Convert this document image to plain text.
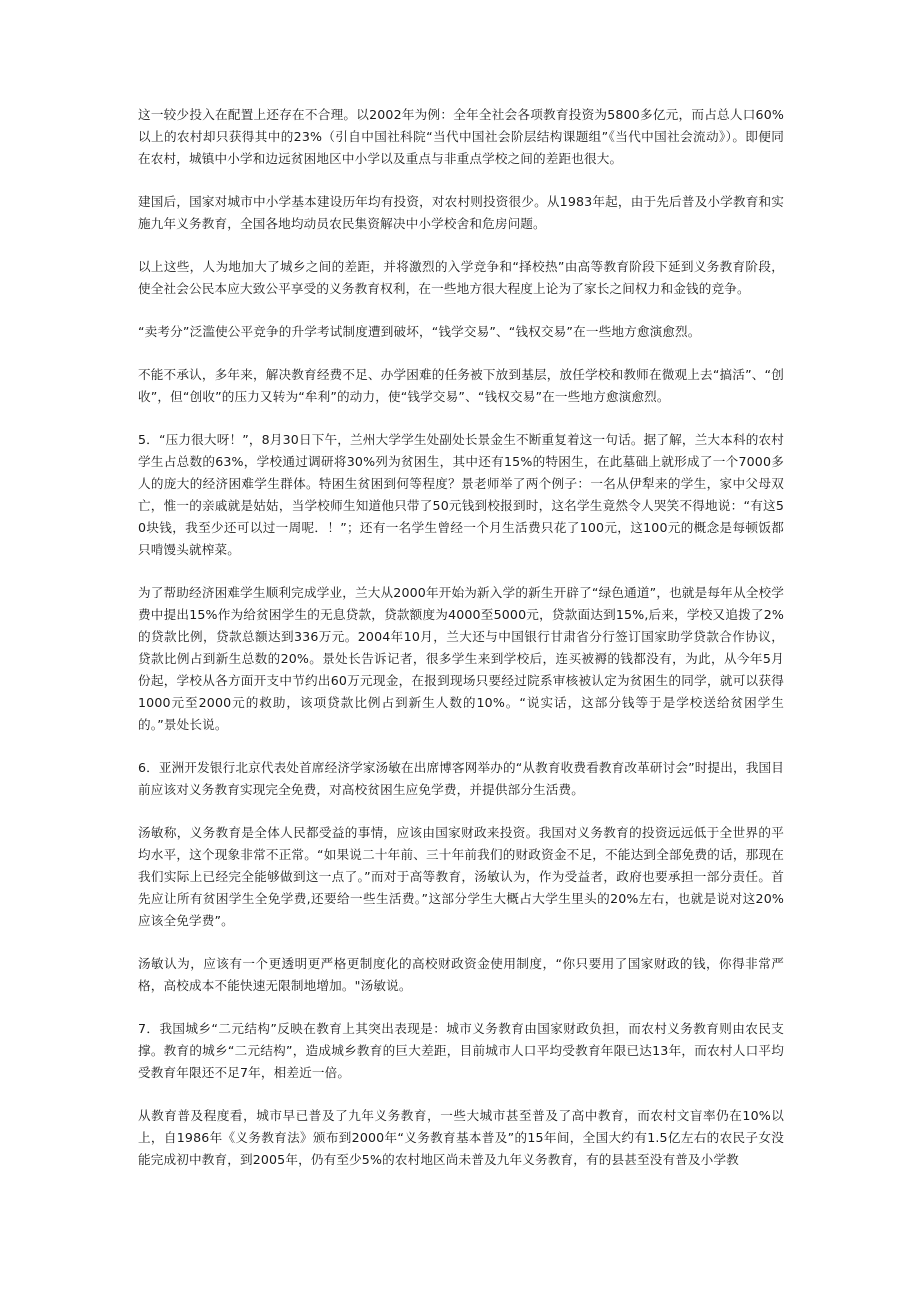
这一较少投入在配置上还存在不合理。以2002年为例：全年全社会各项教育投资为5800多亿元，而占总人口60%以上的农村却只获得其中的23%（引自中国社科院“当代中国社会阶层结构课题组”《当代中国社会流动》）。即便同在农村，城镇中小学和边远贫困地区中小学以及重点与非重点学校之间的差距也很大。

建国后，国家对城市中小学基本建设历年均有投资，对农村则投资很少。从1983年起，由于先后普及小学教育和实施九年义务教育，全国各地均动员农民集资解决中小学校舍和危房问题。

以上这些，人为地加大了城乡之间的差距，并将激烈的入学竞争和“择校热”由高等教育阶段下延到义务教育阶段，使全社会公民本应大致公平享受的义务教育权利，在一些地方很大程度上论为了家长之间权力和金钱的竞争。

“卖考分”泛滥使公平竞争的升学考试制度遭到破坏，“钱学交易”、“钱权交易”在一些地方愈演愈烈。

不能不承认，多年来，解决教育经费不足、办学困难的任务被下放到基层，放任学校和教师在微观上去“搞活”、“创收”，但“创收”的压力又转为“牟利”的动力，使“钱学交易”、“钱权交易”在一些地方愈演愈烈。

5．“压力很大呀！”，8月30日下午，兰州大学学生处副处长景金生不断重复着这一句话。据了解，兰大本科的农村学生占总数的63%，学校通过调研将30%列为贫困生，其中还有15%的特困生，在此墓础上就形成了一个7000多人的庞大的经济困难学生群体。特困生贫困到何等程度？景老师举了两个例子：一名从伊犁来的学生，家中父母双亡，惟一的亲戚就是姑姑，当学校师生知道他只带了50元钱到校报到时，这名学生竟然令人哭笑不得地说：“有这50块钱，我至少还可以过一周呢．！”；还有一名学生曾经一个月生活费只花了100元，这100元的概念是每顿饭都只啃馒头就榨菜。

为了帮助经济困难学生顺利完成学业，兰大从2000年开始为新入学的新生开辟了“绿色通道”，也就是每年从全校学费中提出15%作为给贫困学生的无息贷款，贷款额度为4000至5000元，贷款面达到15%,后来，学校又追拨了2%的贷款比例，贷款总额达到336万元。2004年10月，兰大还与中国银行甘肃省分行签订国家助学贷款合作协议，贷款比例占到新生总数的20%。景处长告诉记者，很多学生来到学校后，连买被褥的钱都没有，为此，从今年5月份起，学校从各方面开支中节约出60万元现金，在报到现场只要经过院系审核被认定为贫困生的同学，就可以获得1000元至2000元的救助，该项贷款比例占到新生人数的10%。“说实话，这部分钱等于是学校送给贫困学生的。”景处长说。

6．亚洲开发银行北京代表处首席经济学家汤敏在出席博客网举办的“从教育收费看教育改革研讨会”时提出，我国目前应该对义务教育实现完全免费，对高校贫困生应免学费，并提供部分生活费。

汤敏称，义务教育是全体人民都受益的事情，应该由国家财政来投资。我国对义务教育的投资远远低于全世界的平均水平，这个现象非常不正常。“如果说二十年前、三十年前我们的财政资金不足，不能达到全部免费的话，那现在我们实际上已经完全能够做到这一点了。”而对于高等教育，汤敏认为，作为受益者，政府也要承担一部分责任。首先应让所有贫困学生全免学费,还要给一些生活费。”这部分学生大概占大学生里头的20%左右，也就是说对这20%应该全免学费”。

汤敏认为，应该有一个更透明更严格更制度化的高校财政资金使用制度，“你只要用了国家财政的钱，你得非常严格，高校成本不能快速无限制地增加。"汤敏说。

7．我国城乡“二元结构”反映在教育上其突出表现是：城市义务教育由国家财政负担，而农村义务教育则由农民支撑。教育的城乡“二元结构”，造成城乡教育的巨大差距，目前城市人口平均受教育年限已达13年，而农村人口平均受教育年限还不足7年，相差近一倍。

从教育普及程度看，城市早已普及了九年义务教育，一些大城市甚至普及了高中教育，而农村文盲率仍在10%以上，自1986年《义务教育法》颁布到2000年“义务教育基本普及”的15年间，全国大约有1.5亿左右的农民子女没能完成初中教育，到2005年，仍有至少5%的农村地区尚未普及九年义务教育，有的县甚至没有普及小学教
